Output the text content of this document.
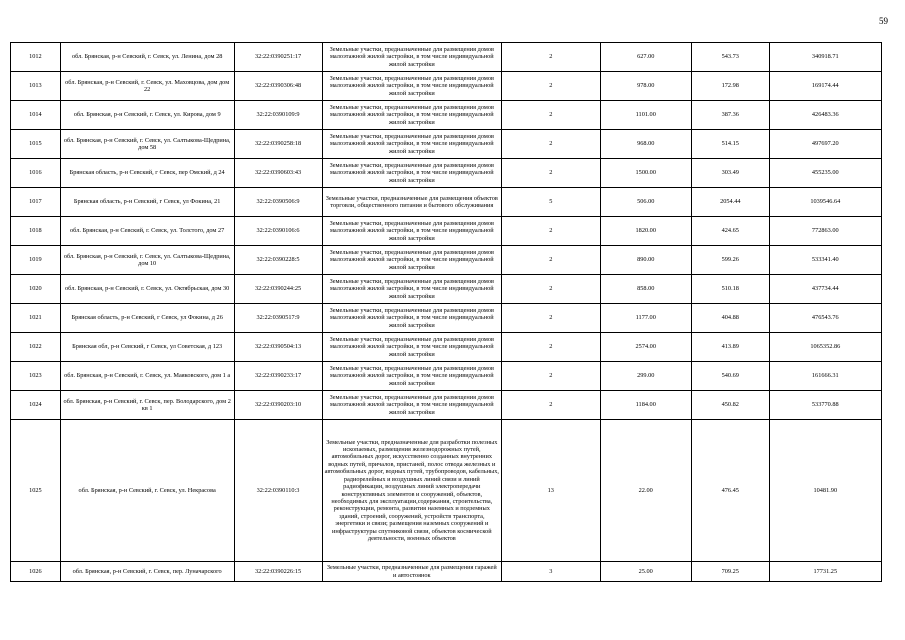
59
1012	обл. Брянская, р-н Севский, г. Севск, ул. Ленина, дом 28	32:22:0390251:17	Земельные участки, предназначенные для размещения домов малоэтажной жилой застройки, в том числе индивидуальной жилой застройки	2	627.00	543.73	340918.71
1013	обл. Брянская, р-н Севский, г. Севск, ул. Маховцова, дом дом 22	32:22:0390306:48	Земельные участки, предназначенные для размещения домов малоэтажной жилой застройки, в том числе индивидуальной жилой застройки	2	978.00	172.98	169174.44
1014	обл. Брянская, р-н Севский, г. Севск, ул. Кирова, дом 9	32:22:0390109:9	Земельные участки, предназначенные для размещения домов малоэтажной жилой застройки, в том числе индивидуальной жилой застройки	2	1101.00	387.36	426483.36
1015	обл. Брянская, р-н Севский, г. Севск, ул. Салтыкова-Щедрина, дом 58	32:22:0390258:18	Земельные участки, предназначенные для размещения домов малоэтажной жилой застройки, в том числе индивидуальной жилой застройки	2	968.00	514.15	497697.20
1016	Брянская область, р-н Севский, г Севск, пер Омский, д 24	32:22:0390603:43	Земельные участки, предназначенные для размещения домов малоэтажной жилой застройки, в том числе индивидуальной жилой застройки	2	1500.00	303.49	455235.00
1017	Брянская область, р-н Севский, г Севск, ул Фокина, 21	32:22:0390506:9	Земельные участки, предназначенные для размещения объектов торговли, общественного питания и бытового обслуживания	5	506.00	2054.44	1039546.64
1018	обл. Брянская, р-н Севский, г. Севск, ул. Толстого, дом 27	32:22:0390106:6	Земельные участки, предназначенные для размещения домов малоэтажной жилой застройки, в том числе индивидуальной жилой застройки	2	1820.00	424.65	772863.00
1019	обл. Брянская, р-н Севский, г. Севск, ул. Салтыкова-Щедрина, дом 10	32:22:0390228:5	Земельные участки, предназначенные для размещения домов малоэтажной жилой застройки, в том числе индивидуальной жилой застройки	2	890.00	599.26	533341.40
1020	обл. Брянская, р-н Севский, г. Севск, ул. Октябрьская, дом 30	32:22:0390244:25	Земельные участки, предназначенные для размещения домов малоэтажной жилой застройки, в том числе индивидуальной жилой застройки	2	858.00	510.18	437734.44
1021	Брянская область, р-н Севский, г Севск, ул Фокина, д 26	32:22:0390517:9	Земельные участки, предназначенные для размещения домов малоэтажной жилой застройки, в том числе индивидуальной жилой застройки	2	1177.00	404.88	476543.76
1022	Брянская обл, р-н Севский, г Севск, ул Советская, д 123	32:22:0390504:13	Земельные участки, предназначенные для размещения домов малоэтажной жилой застройки, в том числе индивидуальной жилой застройки	2	2574.00	413.89	1065352.86
1023	обл. Брянская, р-н Севский, г. Севск, ул. Маяковского, дом 1 а	32:22:0390233:17	Земельные участки, предназначенные для размещения домов малоэтажной жилой застройки, в том числе индивидуальной жилой застройки	2	299.00	540.69	161666.31
1024	обл. Брянская, р-н Севский, г. Севск, пер. Володарского, дом 2 кв 1	32:22:0390203:10	Земельные участки, предназначенные для размещения домов малоэтажной жилой застройки, в том числе индивидуальной жилой застройки	2	1184.00	450.82	533770.88
1025	обл. Брянская, р-н Севский, г. Севск, ул. Некрасова	32:22:0390110:3	Земельные участки, предназначенные для разработки полезных ископаемых, размещения железнодорожных путей, автомобильных дорог, искусственно созданных внутренних водных путей, причалов, пристаней, полос отвода железных и автомобильных дорог, водных путей, трубопроводов, кабельных, радиорелейных и воздушных линий связи и линий радиофикации, воздушных линий электропередачи конструктивных элементов и сооружений, объектов, необходимых для эксплуатации,содержания, строительства, реконструкции, ремонта, развития наземных и подземных зданий, строений, сооружений, устройств транспорта, энергетики и связи; размещения наземных сооружений и инфраструктуры спутниковой связи, объектов космической деятельности, военных объектов	13	22.00	476.45	10481.90
1026	обл. Брянская, р-н Севский, г. Севск, пер. Луначарского	32:22:0390226:15	Земельные участки, предназначенные для размещения гаражей и автостоянок	3	25.00	709.25	17731.25
